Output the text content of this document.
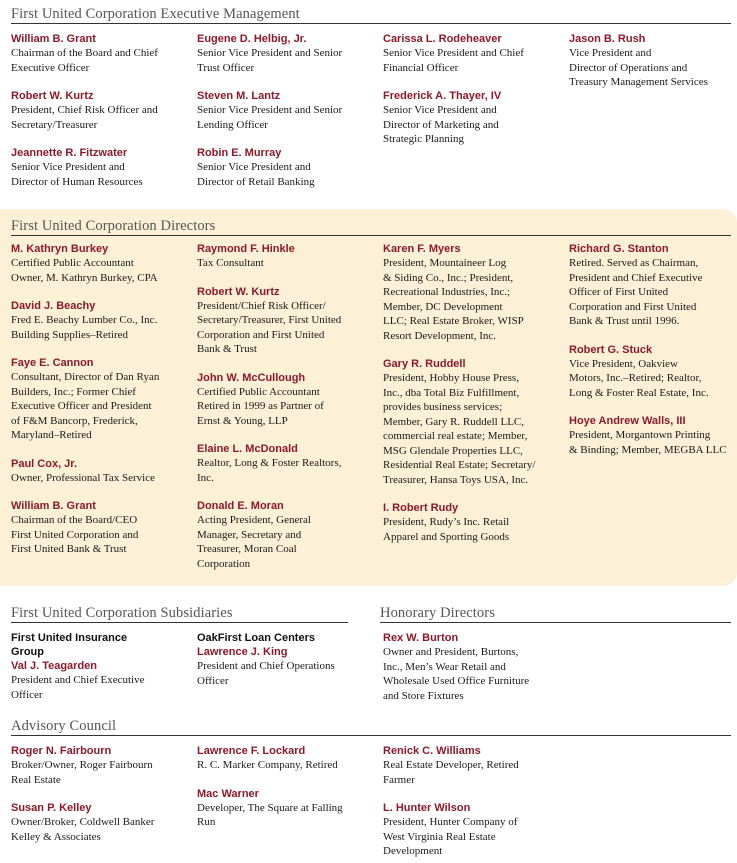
First United Corporation Executive Management
William B. Grant
Chairman of the Board and Chief
Executive Officer
Robert W. Kurtz
President, Chief Risk Officer and
Secretary/Treasurer
Jeannette R. Fitzwater
Senior Vice President and
Director of Human Resources
Eugene D. Helbig, Jr.
Senior Vice President and Senior
Trust Officer
Steven M. Lantz
Senior Vice President and Senior
Lending Officer
Robin E. Murray
Senior Vice President and
Director of Retail Banking
Carissa L. Rodeheaver
Senior Vice President and Chief
Financial Officer
Frederick A. Thayer, IV
Senior Vice President and
Director of Marketing and
Strategic Planning
Jason B. Rush
Vice President and
Director of Operations and
Treasury Management Services
First United Corporation Directors
M. Kathryn Burkey
Certified Public Accountant
Owner, M. Kathryn Burkey, CPA
David J. Beachy
Fred E. Beachy Lumber Co., Inc.
Building Supplies–Retired
Faye E. Cannon
Consultant, Director of Dan Ryan
Builders, Inc.; Former Chief
Executive Officer and President
of F&M Bancorp, Frederick,
Maryland–Retired
Paul Cox, Jr.
Owner, Professional Tax Service
William B. Grant
Chairman of the Board/CEO
First United Corporation and
First United Bank & Trust
Raymond F. Hinkle
Tax Consultant
Robert W. Kurtz
President/Chief Risk Officer/
Secretary/Treasurer, First United
Corporation and First United
Bank & Trust
John W. McCullough
Certified Public Accountant
Retired in 1999 as Partner of
Ernst & Young, LLP
Elaine L. McDonald
Realtor, Long & Foster Realtors,
Inc.
Donald E. Moran
Acting President, General
Manager, Secretary and
Treasurer, Moran Coal
Corporation
Karen F. Myers
President, Mountaineer Log
& Siding Co., Inc.; President,
Recreational Industries, Inc.;
Member, DC Development
LLC; Real Estate Broker, WISP
Resort Development, Inc.
Gary R. Ruddell
President, Hobby House Press,
Inc., dba Total Biz Fulfillment,
provides business services;
Member, Gary R. Ruddell LLC,
commercial real estate; Member,
MSG Glendale Properties LLC,
Residential Real Estate; Secretary/
Treasurer, Hansa Toys USA, Inc.
I. Robert Rudy
President, Rudy’s Inc. Retail
Apparel and Sporting Goods
Richard G. Stanton
Retired. Served as Chairman,
President and Chief Executive
Officer of First United
Corporation and First United
Bank & Trust until 1996.
Robert G. Stuck
Vice President, Oakview
Motors, Inc.–Retired; Realtor,
Long & Foster Real Estate, Inc.
Hoye Andrew Walls, III
President, Morgantown Printing
& Binding; Member, MEGBA LLC
First United Corporation Subsidiaries
First United Insurance
Group
Val J. Teagarden
President and Chief Executive
Officer
OakFirst Loan Centers
Lawrence J. King
President and Chief Operations
Officer
Honorary Directors
Rex W. Burton
Owner and President, Burtons,
Inc., Men’s Wear Retail and
Wholesale Used Office Furniture
and Store Fixtures
Advisory Council
Roger N. Fairbourn
Broker/Owner, Roger Fairbourn
Real Estate
Susan P. Kelley
Owner/Broker, Coldwell Banker
Kelley & Associates
Lawrence F. Lockard
R. C. Marker Company, Retired
Mac Warner
Developer, The Square at Falling
Run
Renick C. Williams
Real Estate Developer, Retired
Farmer
L. Hunter Wilson
President, Hunter Company of
West Virginia Real Estate
Development
